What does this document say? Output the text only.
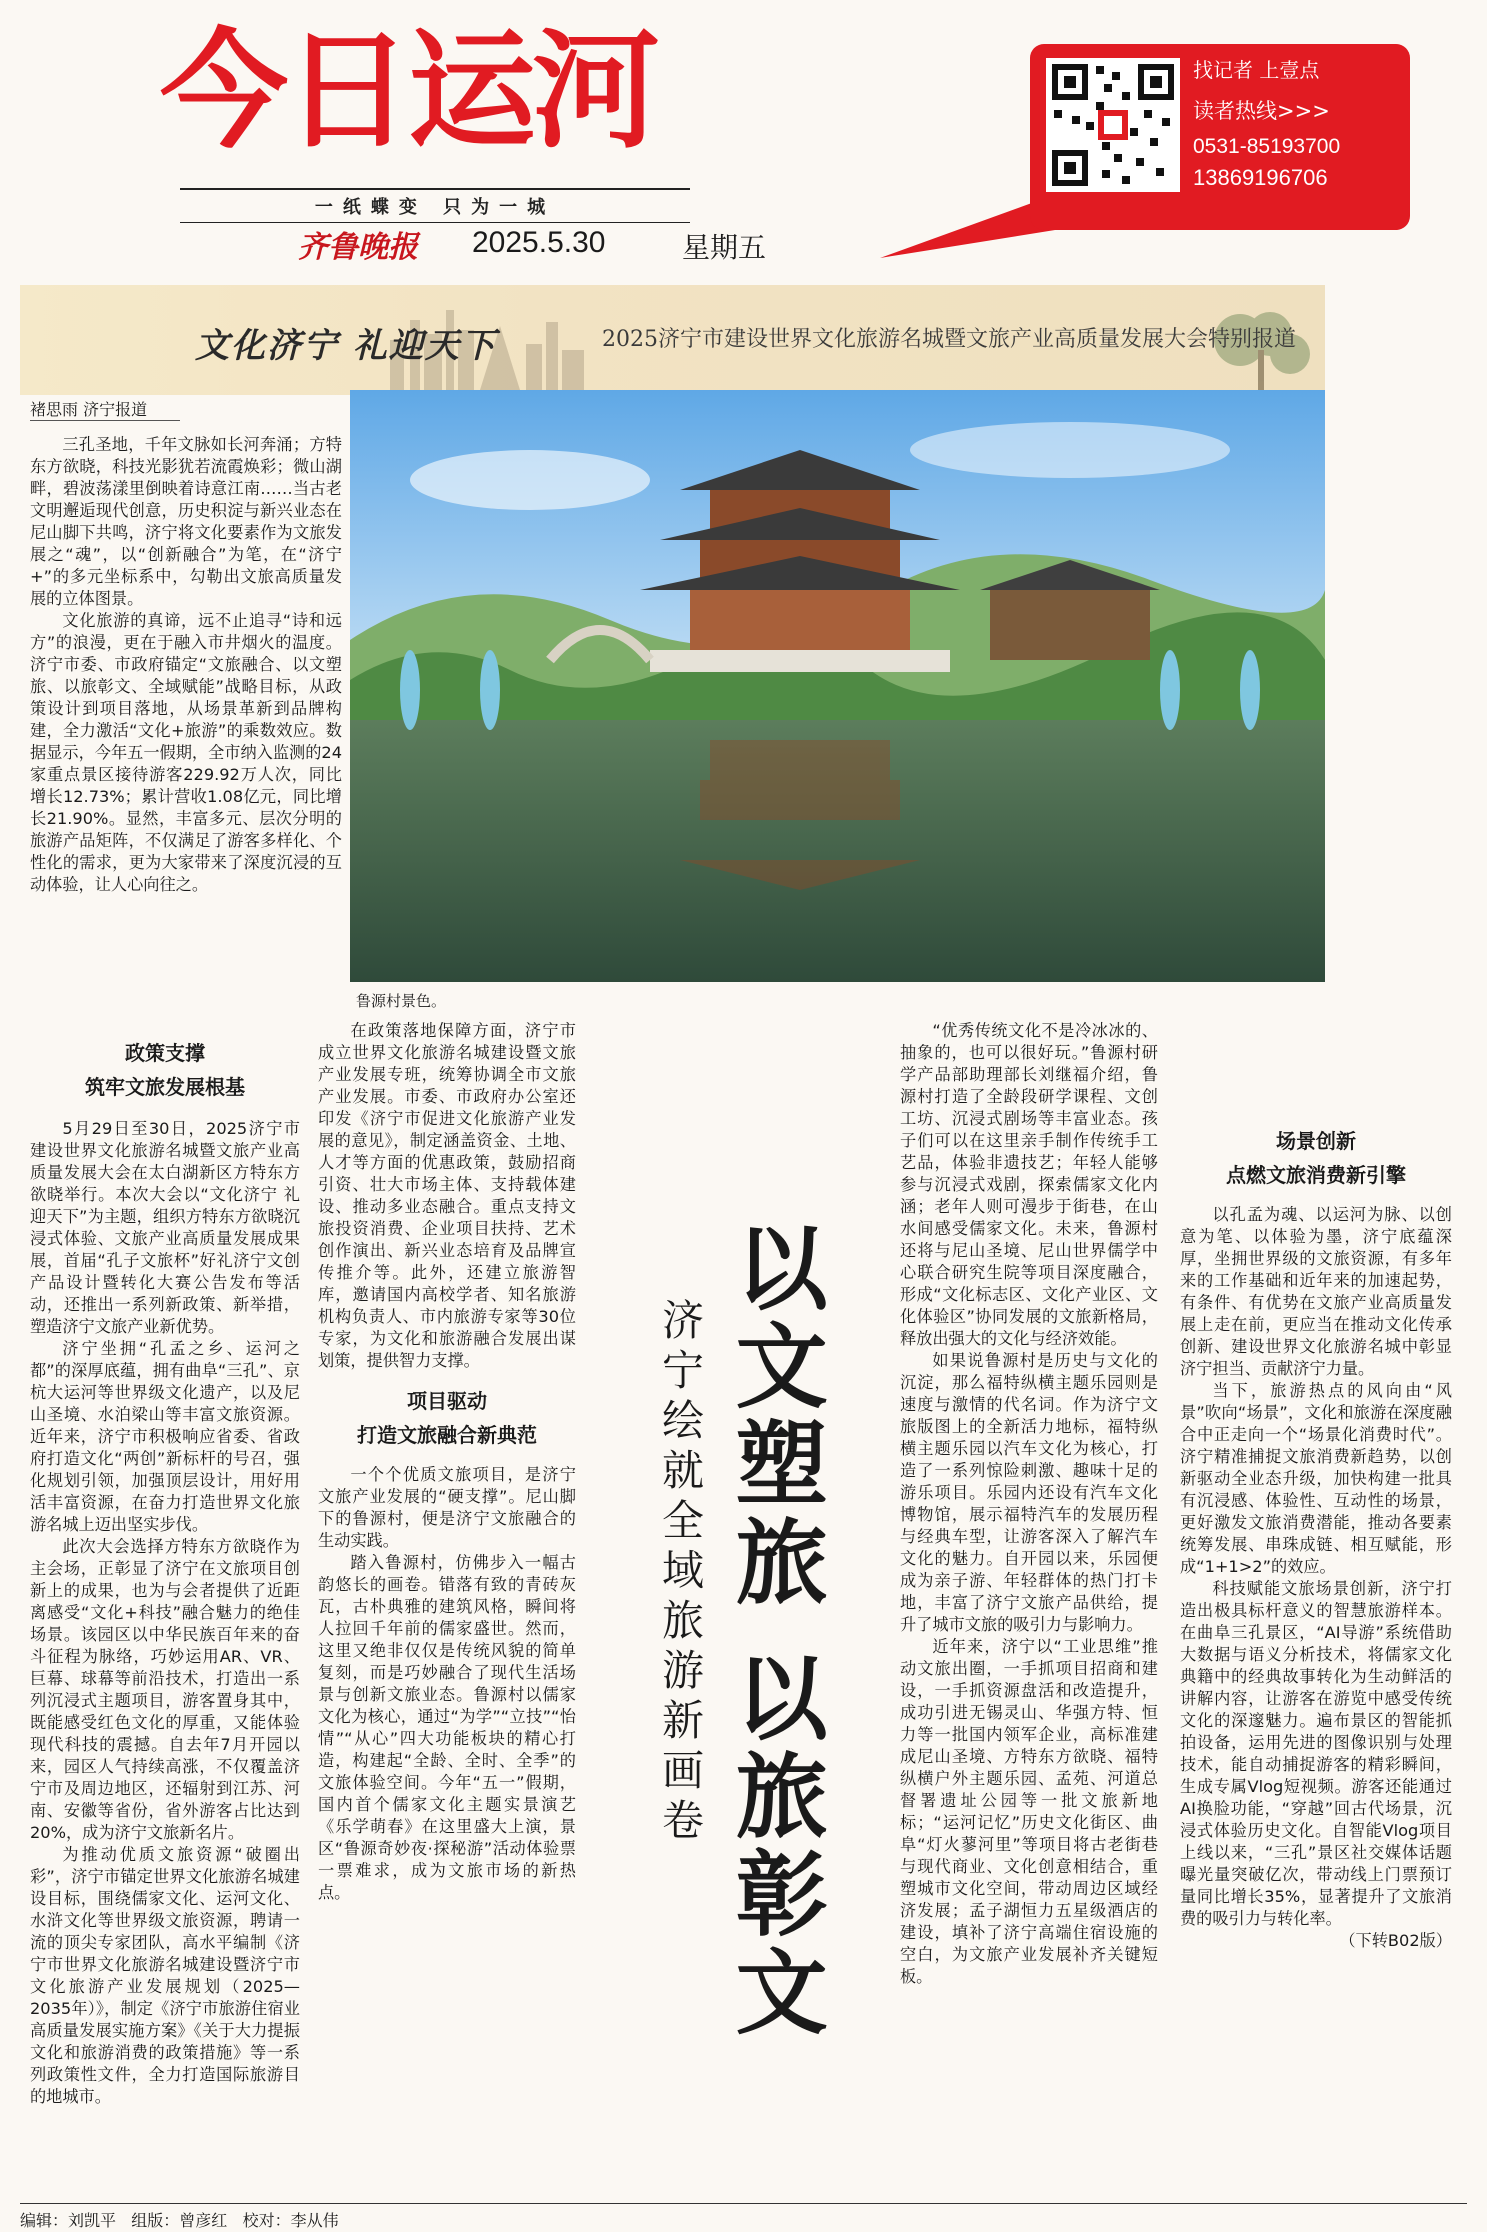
今日运河
一纸蝶变 只为一城
齐鲁晚报 2025.5.30	星期五
找记者 上壹点
读者热线>>>
0531-85193700
13869196706
文化济宁 礼迎天下	2025济宁市建设世界文化旅游名城暨文旅产业高质量发展大会特别报道
褚思雨 济宁报道

三孔圣地，千年文脉如长河奔涌；方特东方欲晓，科技光影犹若流霞焕彩；微山湖畔，碧波荡漾里倒映着诗意江南……当古老文明邂逅现代创意，历史积淀与新兴业态在尼山脚下共鸣，济宁将文化要素作为文旅发展之“魂”，以“创新融合”为笔，在“济宁+”的多元坐标系中，勾勒出文旅高质量发展的立体图景。

文化旅游的真谛，远不止追寻“诗和远方”的浪漫，更在于融入市井烟火的温度。济宁市委、市政府锚定“文旅融合、以文塑旅、以旅彰文、全域赋能”战略目标，从政策设计到项目落地，从场景革新到品牌构建，全力激活“文化+旅游”的乘数效应。数据显示，今年五一假期，全市纳入监测的24家重点景区接待游客229.92万人次，同比增长12.73%；累计营收1.08亿元，同比增长21.90%。显然，丰富多元、层次分明的旅游产品矩阵，不仅满足了游客多样化、个性化的需求，更为大家带来了深度沉浸的互动体验，让人心向往之。

鲁源村景色。

政策支撑

筑牢文旅发展根基

5月29日至30日，2025济宁市建设世界文化旅游名城暨文旅产业高质量发展大会在太白湖新区方特东方欲晓举行。本次大会以“文化济宁 礼迎天下”为主题，组织方特东方欲晓沉浸式体验、文旅产业高质量发展成果展，首届“孔子文旅杯”好礼济宁文创产品设计暨转化大赛公告发布等活动，还推出一系列新政策、新举措，塑造济宁文旅产业新优势。

济宁坐拥“孔孟之乡、运河之都”的深厚底蕴，拥有曲阜“三孔”、京杭大运河等世界级文化遗产，以及尼山圣境、水泊梁山等丰富文旅资源。近年来，济宁市积极响应省委、省政府打造文化“两创”新标杆的号召，强化规划引领，加强顶层设计，用好用活丰富资源，在奋力打造世界文化旅游名城上迈出坚实步伐。

此次大会选择方特东方欲晓作为主会场，正彰显了济宁在文旅项目创新上的成果，也为与会者提供了近距离感受“文化+科技”融合魅力的绝佳场景。该园区以中华民族百年来的奋斗征程为脉络，巧妙运用AR、VR、巨幕、球幕等前沿技术，打造出一系列沉浸式主题项目，游客置身其中，既能感受红色文化的厚重，又能体验现代科技的震撼。自去年7月开园以来，园区人气持续高涨，不仅覆盖济宁市及周边地区，还辐射到江苏、河南、安徽等省份，省外游客占比达到20%，成为济宁文旅新名片。

为推动优质文旅资源“破圈出彩”，济宁市锚定世界文化旅游名城建设目标，围绕儒家文化、运河文化、水浒文化等世界级文旅资源，聘请一流的顶尖专家团队，高水平编制《济宁市世界文化旅游名城建设暨济宁市文化旅游产业发展规划（2025—2035年）》，制定《济宁市旅游住宿业高质量发展实施方案》《关于大力提振文化和旅游消费的政策措施》等一系列政策性文件，全力打造国际旅游目的地城市。

在政策落地保障方面，济宁市成立世界文化旅游名城建设暨文旅产业发展专班，统筹协调全市文旅产业发展。市委、市政府办公室还印发《济宁市促进文化旅游产业发展的意见》，制定涵盖资金、土地、人才等方面的优惠政策，鼓励招商引资、壮大市场主体、支持载体建设、推动多业态融合。重点支持文旅投资消费、企业项目扶持、艺术创作演出、新兴业态培育及品牌宣传推介等。此外，还建立旅游智库，邀请国内高校学者、知名旅游机构负责人、市内旅游专家等30位专家，为文化和旅游融合发展出谋划策，提供智力支撑。

项目驱动

打造文旅融合新典范

一个个优质文旅项目，是济宁文旅产业发展的“硬支撑”。尼山脚下的鲁源村，便是济宁文旅融合的生动实践。

踏入鲁源村，仿佛步入一幅古韵悠长的画卷。错落有致的青砖灰瓦，古朴典雅的建筑风格，瞬间将人拉回千年前的儒家盛世。然而，这里又绝非仅仅是传统风貌的简单复刻，而是巧妙融合了现代生活场景与创新文旅业态。鲁源村以儒家文化为核心，通过“为学”“立技”“怡情”“从心”四大功能板块的精心打造，构建起“全龄、全时、全季”的文旅体验空间。今年“五一”假期，国内首个儒家文化主题实景演艺《乐学萌春》在这里盛大上演，景区“鲁源奇妙夜·探秘游”活动体验票一票难求，成为文旅市场的新热点。	以文塑旅 以旅彰文
济宁绘就全域旅游新画卷

“优秀传统文化不是冷冰冰的、抽象的，也可以很好玩。”鲁源村研学产品部助理部长刘继福介绍，鲁源村打造了全龄段研学课程、文创工坊、沉浸式剧场等丰富业态。孩子们可以在这里亲手制作传统手工艺品，体验非遗技艺；年轻人能够参与沉浸式戏剧，探索儒家文化内涵；老年人则可漫步于街巷，在山水间感受儒家文化。未来，鲁源村还将与尼山圣境、尼山世界儒学中心联合研究生院等项目深度融合，形成“文化标志区、文化产业区、文化体验区”协同发展的文旅新格局，释放出强大的文化与经济效能。

如果说鲁源村是历史与文化的沉淀，那么福特纵横主题乐园则是速度与激情的代名词。作为济宁文旅版图上的全新活力地标，福特纵横主题乐园以汽车文化为核心，打造了一系列惊险刺激、趣味十足的游乐项目。乐园内还设有汽车文化博物馆，展示福特汽车的发展历程与经典车型，让游客深入了解汽车文化的魅力。自开园以来，乐园便成为亲子游、年轻群体的热门打卡地，丰富了济宁文旅产品供给，提升了城市文旅的吸引力与影响力。

近年来，济宁以“工业思维”推动文旅出圈，一手抓项目招商和建设，一手抓资源盘活和改造提升，成功引进无锡灵山、华强方特、恒力等一批国内领军企业，高标准建成尼山圣境、方特东方欲晓、福特纵横户外主题乐园、孟苑、河道总督署遗址公园等一批文旅新地标；“运河记忆”历史文化街区、曲阜“灯火蓼河里”等项目将古老街巷与现代商业、文化创意相结合，重塑城市文化空间，带动周边区域经济发展；孟子湖恒力五星级酒店的建设，填补了济宁高端住宿设施的空白，为文旅产业发展补齐关键短板。

场景创新

点燃文旅消费新引擎

以孔孟为魂、以运河为脉、以创意为笔、以体验为墨，济宁底蕴深厚，坐拥世界级的文旅资源，有多年来的工作基础和近年来的加速起势，有条件、有优势在文旅产业高质量发展上走在前，更应当在推动文化传承创新、建设世界文化旅游名城中彰显济宁担当、贡献济宁力量。

当下，旅游热点的风向由“风景”吹向“场景”，文化和旅游在深度融合中正走向一个“场景化消费时代”。济宁精准捕捉文旅消费新趋势，以创新驱动全业态升级，加快构建一批具有沉浸感、体验性、互动性的场景，更好激发文旅消费潜能，推动各要素统筹发展、串珠成链、相互赋能，形成“1+1>2”的效应。

科技赋能文旅场景创新，济宁打造出极具标杆意义的智慧旅游样本。在曲阜三孔景区，“AI导游”系统借助大数据与语义分析技术，将儒家文化典籍中的经典故事转化为生动鲜活的讲解内容，让游客在游览中感受传统文化的深邃魅力。遍布景区的智能抓拍设备，运用先进的图像识别与处理技术，能自动捕捉游客的精彩瞬间，生成专属Vlog短视频。游客还能通过AI换脸功能，“穿越”回古代场景，沉浸式体验历史文化。自智能Vlog项目上线以来，“三孔”景区社交媒体话题曝光量突破亿次，带动线上门票预订量同比增长35%，显著提升了文旅消费的吸引力与转化率。

（下转B02版）

编辑：刘凯平 组版：曾彦红 校对：李从伟
